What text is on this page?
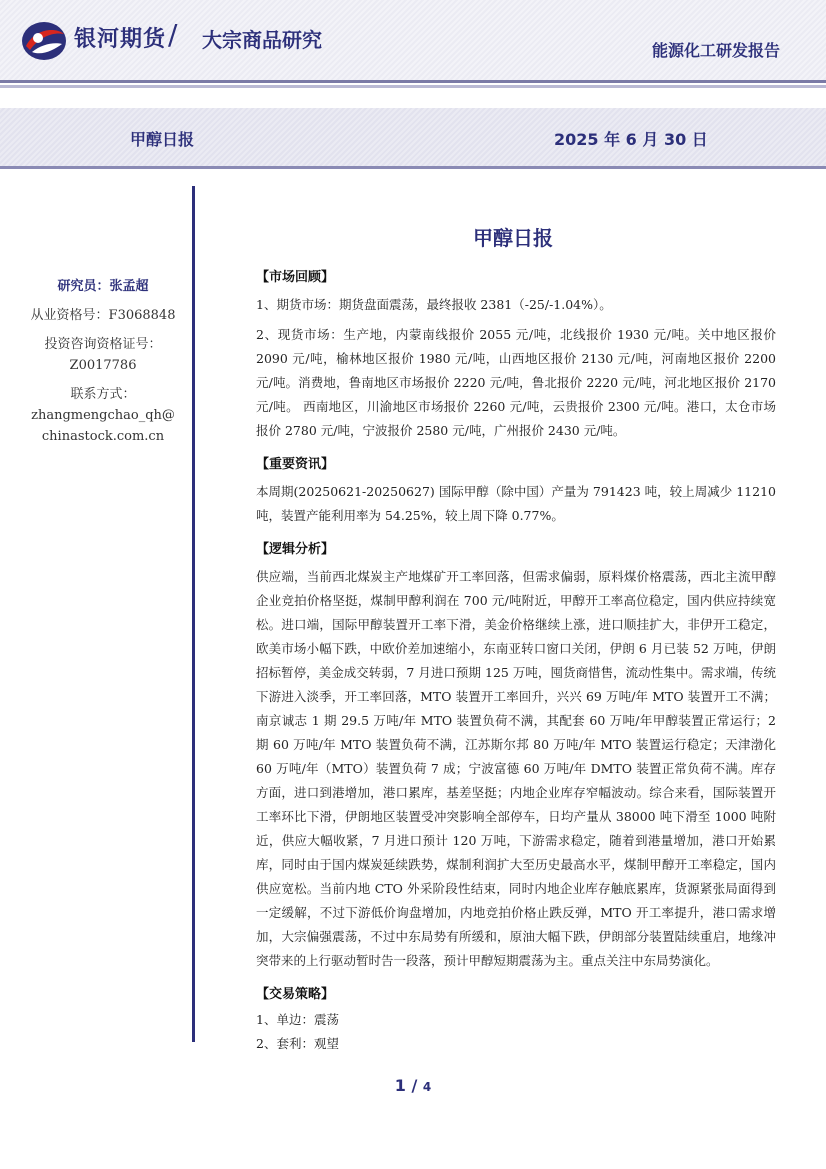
银河期货 / 大宗商品研究	能源化工研发报告
甲醇日报	2025 年 6 月 30 日
研究员：张孟超
从业资格号：F3068848
投资咨询资格证号：
Z0017786
联系方式：
zhangmengchao_qh@
chinastock.com.cn
甲醇日报

【市场回顾】

1、期货市场：期货盘面震荡，最终报收 2381（-25/-1.04%）。

2、现货市场：生产地，内蒙南线报价 2055 元/吨，北线报价 1930 元/吨。关中地区报价 2090 元/吨，榆林地区报价 1980 元/吨，山西地区报价 2130 元/吨，河南地区报价 2200 元/吨。消费地，鲁南地区市场报价 2220 元/吨，鲁北报价 2220 元/吨，河北地区报价 2170 元/吨。 西南地区，川渝地区市场报价 2260 元/吨，云贵报价 2300 元/吨。港口，太仓市场报价 2780 元/吨，宁波报价 2580 元/吨，广州报价 2430 元/吨。

【重要资讯】

本周期(20250621-20250627) 国际甲醇（除中国）产量为 791423 吨，较上周减少 11210 吨，装置产能利用率为 54.25%，较上周下降 0.77%。

【逻辑分析】

供应端，当前西北煤炭主产地煤矿开工率回落，但需求偏弱，原料煤价格震荡，西北主流甲醇企业竞拍价格坚挺，煤制甲醇利润在 700 元/吨附近，甲醇开工率高位稳定，国内供应持续宽松。进口端，国际甲醇装置开工率下滑，美金价格继续上涨，进口顺挂扩大，非伊开工稳定，欧美市场小幅下跌，中欧价差加速缩小，东南亚转口窗口关闭，伊朗 6 月已装 52 万吨，伊朗招标暂停，美金成交转弱，7 月进口预期 125 万吨，囤货商惜售，流动性集中。需求端，传统下游进入淡季，开工率回落，MTO 装置开工率回升，兴兴 69 万吨/年 MTO 装置开工不满；南京诚志 1 期 29.5 万吨/年 MTO 装置负荷不满，其配套 60 万吨/年甲醇装置正常运行；2 期 60 万吨/年 MTO 装置负荷不满，江苏斯尔邦 80 万吨/年 MTO 装置运行稳定；天津渤化 60 万吨/年（MTO）装置负荷 7 成；宁波富德 60 万吨/年 DMTO 装置正常负荷不满。库存方面，进口到港增加，港口累库，基差坚挺；内地企业库存窄幅波动。综合来看，国际装置开工率环比下滑，伊朗地区装置受冲突影响全部停车，日均产量从 38000 吨下滑至 1000 吨附近，供应大幅收紧，7 月进口预计 120 万吨，下游需求稳定，随着到港量增加，港口开始累库，同时由于国内煤炭延续跌势，煤制利润扩大至历史最高水平，煤制甲醇开工率稳定，国内供应宽松。当前内地 CTO 外采阶段性结束，同时内地企业库存触底累库，货源紧张局面得到一定缓解，不过下游低价询盘增加，内地竞拍价格止跌反弹，MTO 开工率提升，港口需求增加，大宗偏强震荡，不过中东局势有所缓和，原油大幅下跌，伊朗部分装置陆续重启，地缘冲突带来的上行驱动暂时告一段落，预计甲醇短期震荡为主。重点关注中东局势演化。

【交易策略】

1、单边：震荡

2、套利：观望

1 / 4
